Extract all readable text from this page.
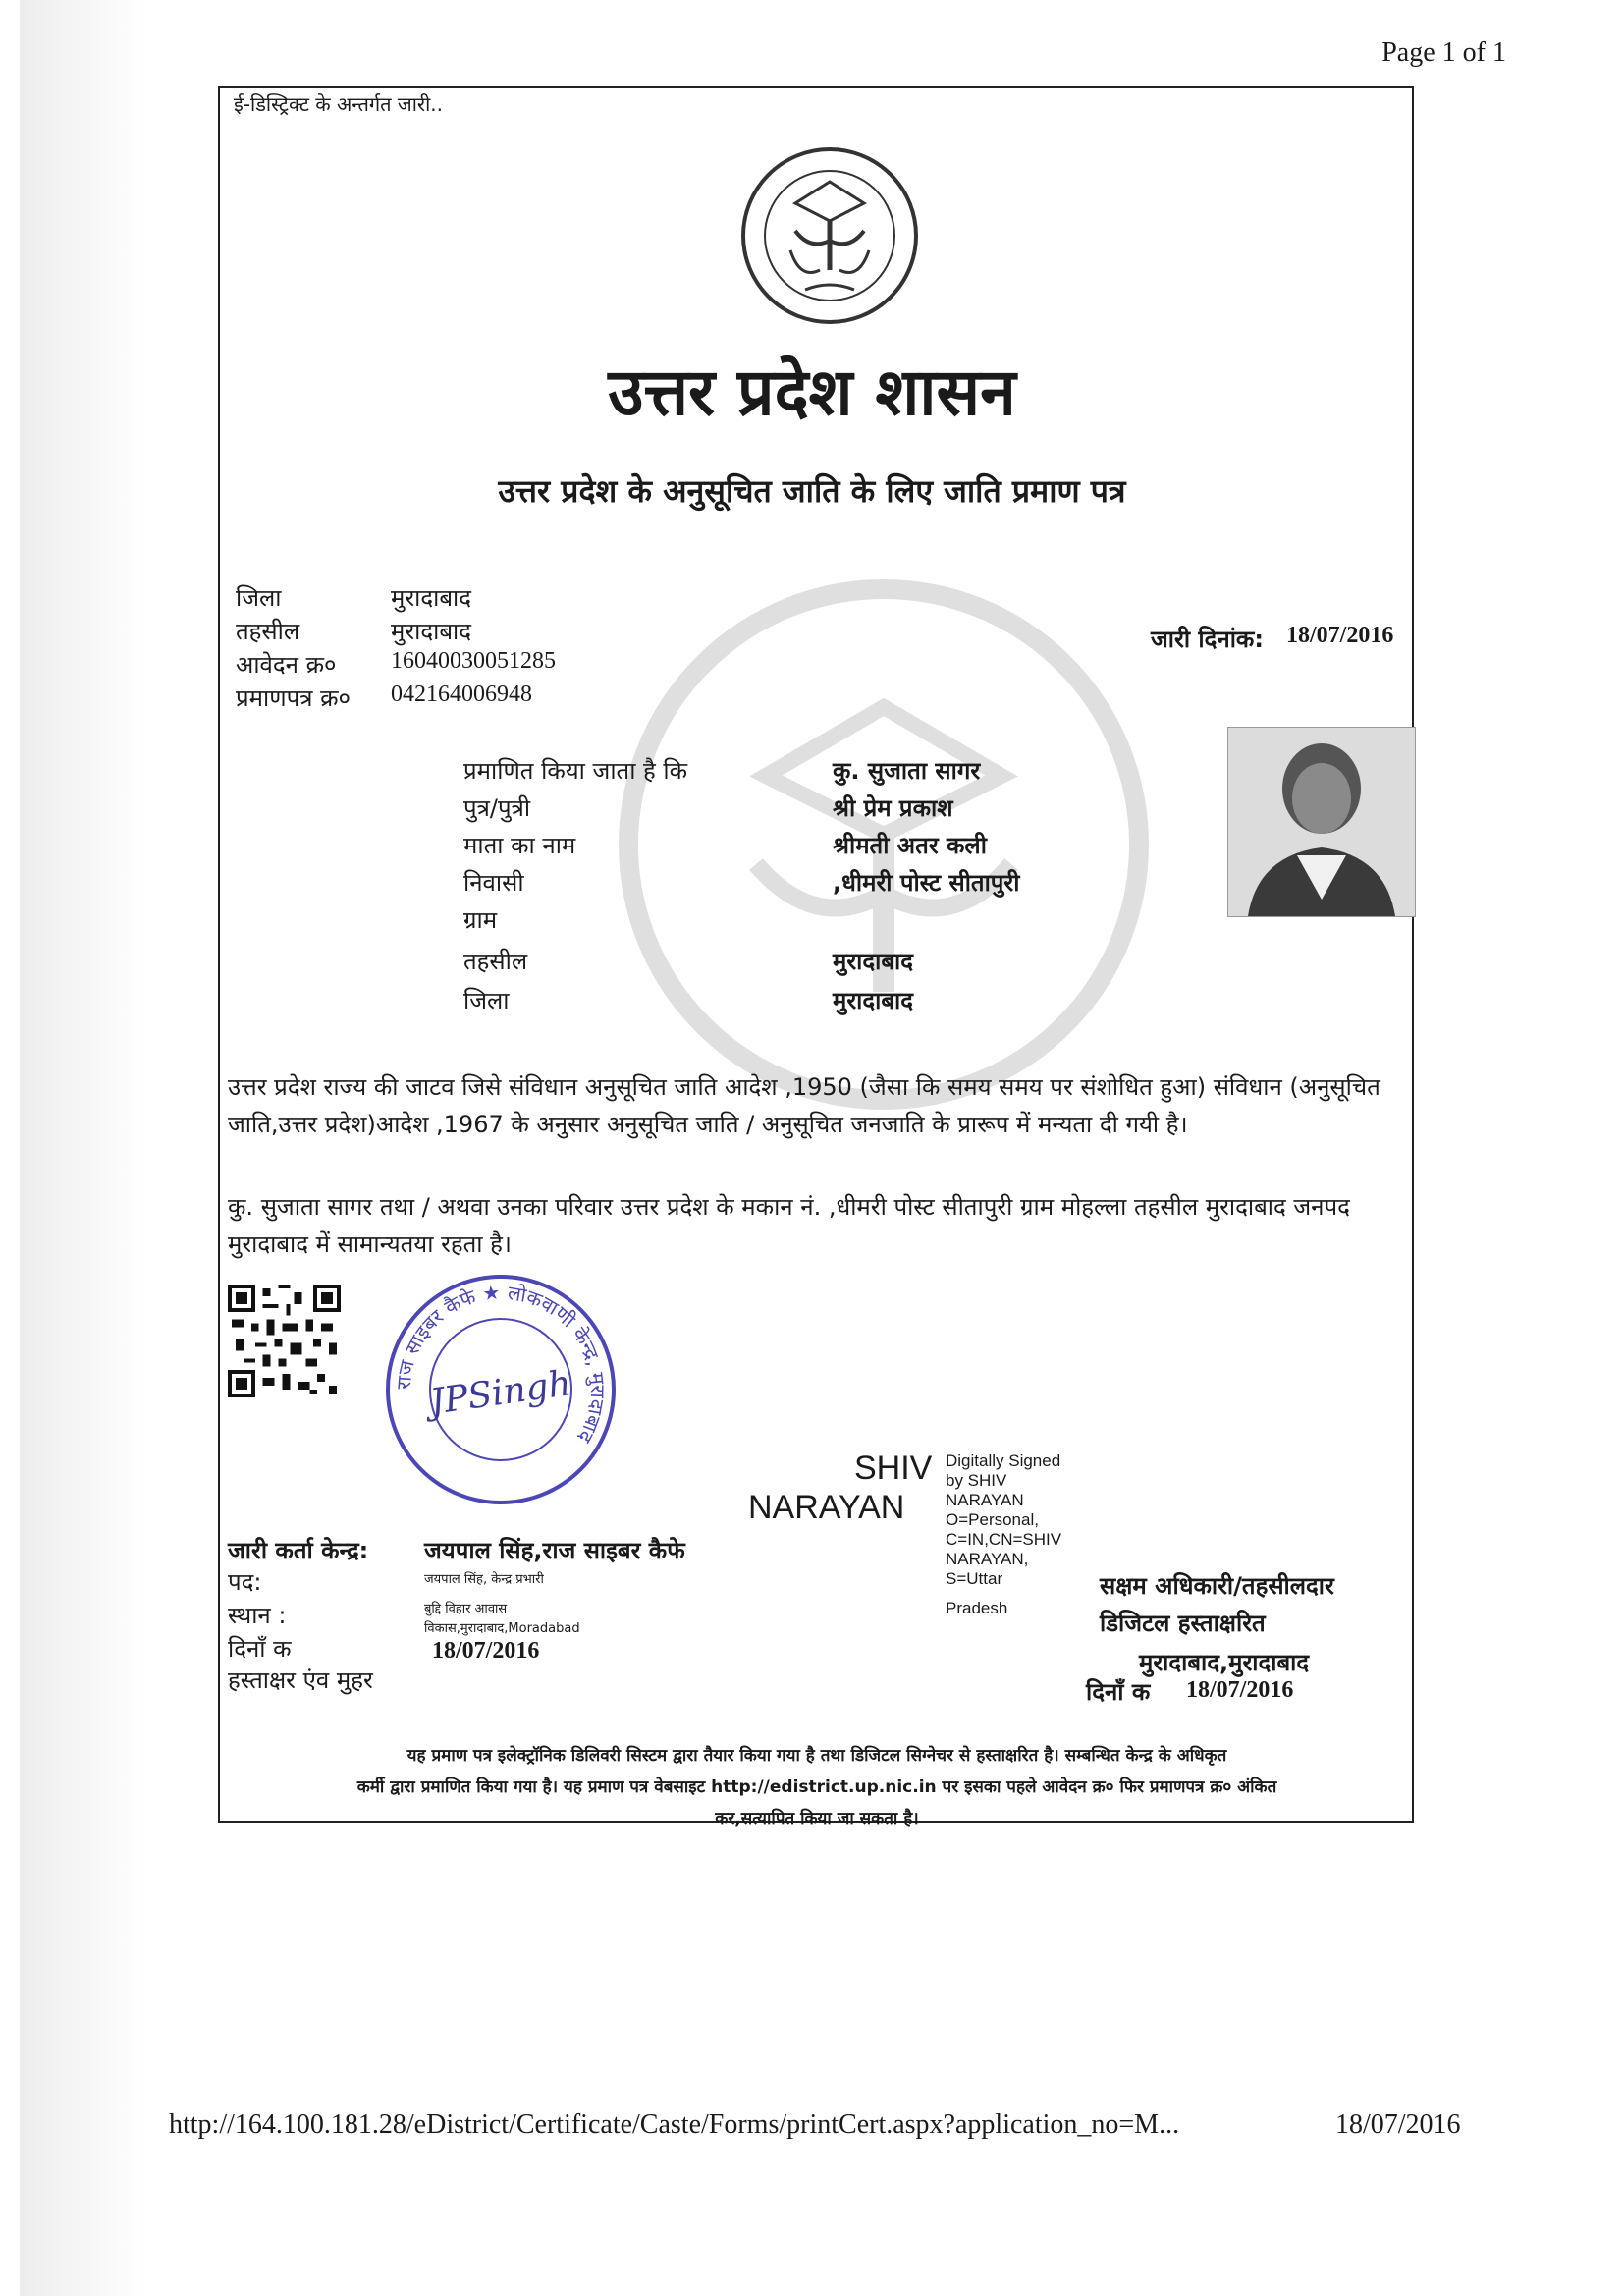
Page 1 of 1
ई-डिस्ट्रिक्ट के अन्तर्गत जारी..
उत्तर प्रदेश शासन
उत्तर प्रदेश के अनुसूचित जाति के लिए जाति प्रमाण पत्र
जिला	मुरादाबाद
तहसील	मुरादाबाद
आवेदन क्र० 16040030051285
प्रमाणपत्र क्र० 042164006948
जारी दिनांक: 18/07/2016
प्रमाणित किया जाता है कि	कु. सुजाता सागर
पुत्र/पुत्री	श्री प्रेम प्रकाश
माता का नाम	श्रीमती अतर कली
निवासी	,धीमरी पोस्ट सीतापुरी
ग्राम
तहसील	मुरादाबाद
जिला	मुरादाबाद
उत्तर प्रदेश राज्य की जाटव जिसे संविधान अनुसूचित जाति आदेश ,1950 (जैसा कि समय समय पर संशोधित हुआ) संविधान (अनुसूचित जाति,उत्तर प्रदेश)आदेश ,1967 के अनुसार अनुसूचित जाति / अनुसूचित जनजाति के प्रारूप में मन्यता दी गयी है।
कु. सुजाता सागर तथा / अथवा उनका परिवार उत्तर प्रदेश के मकान नं. ,धीमरी पोस्ट सीतापुरी ग्राम मोहल्ला तहसील मुरादाबाद जनपद मुरादाबाद में सामान्यतया रहता है।
राज साइबर कैफे ★ लोकवाणी केन्द्र, मुरादाबाद
JPSingh
SHIV
NARAYAN
Digitally Signed
by SHIV
NARAYAN
O=Personal,
C=IN,CN=SHIV
NARAYAN,
S=Uttar
Pradesh
जारी कर्ता केन्द्र: जयपाल सिंह,राज साइबर कैफे
पद:	जयपाल सिंह, केन्द्र प्रभारी
स्थान :	बुद्दि विहार आवास
विकास,मुरादाबाद,Moradabad
दिनाँ क	18/07/2016
हस्ताक्षर एंव मुहर
सक्षम अधिकारी/तहसीलदार
डिजिटल हस्ताक्षरित
मुरादाबाद,मुरादाबाद
दिनाँ क 18/07/2016
यह प्रमाण पत्र इलेक्ट्रॉनिक डिलिवरी सिस्टम द्वारा तैयार किया गया है तथा डिजिटल सिग्नेचर से हस्ताक्षरित है। सम्बन्धित केन्द्र के अधिकृत
कर्मी द्वारा प्रमाणित किया गया है। यह प्रमाण पत्र वेबसाइट http://edistrict.up.nic.in पर इसका पहले आवेदन क्र० फिर प्रमाणपत्र क्र० अंकित
कर,सत्यापित किया जा सकता है।
http://164.100.181.28/eDistrict/Certificate/Caste/Forms/printCert.aspx?application_no=M...	18/07/2016
